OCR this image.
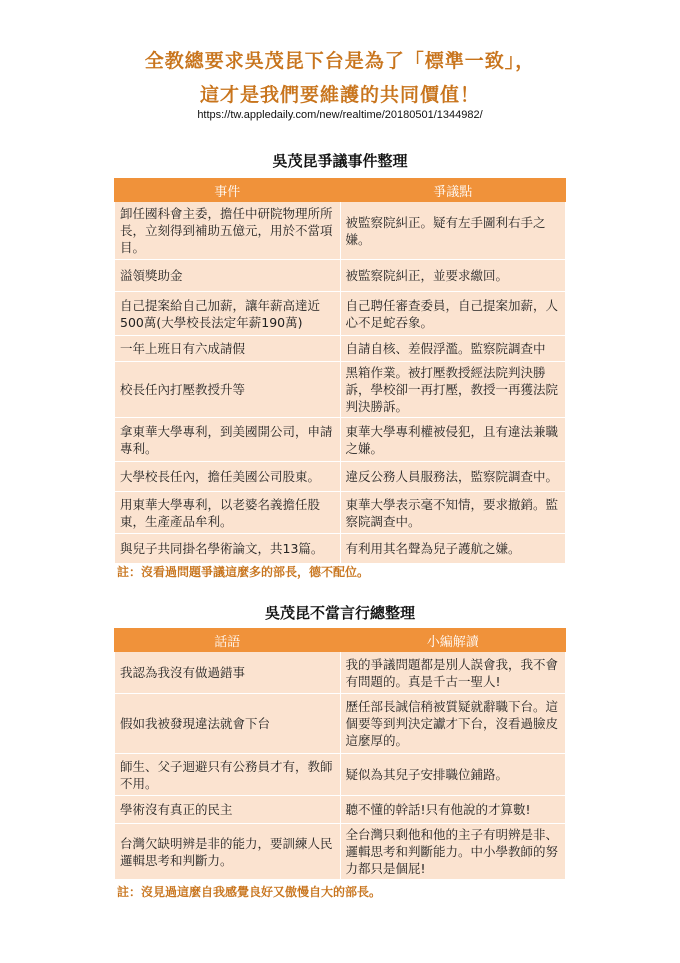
全教總要求吳茂昆下台是為了「標準一致」，
這才是我們要維護的共同價值！
https://tw.appledaily.com/new/realtime/20180501/1344982/
吳茂昆爭議事件整理
事件	爭議點
卸任國科會主委，擔任中研院物理所所長，立刻得到補助五億元，用於不當項目。	被監察院糾正。疑有左手圖利右手之嫌。
溢領獎助金	被監察院糾正，並要求繳回。
自己提案給自己加薪，讓年薪高達近500萬(大學校長法定年薪190萬)	自己聘任審查委員，自己提案加薪，人心不足蛇吞象。
一年上班日有六成請假	自請自核、差假浮濫。監察院調查中
校長任內打壓教授升等	黑箱作業。被打壓教授經法院判決勝訴，學校卻一再打壓，教授一再獲法院判決勝訴。
拿東華大學專利，到美國開公司，申請專利。	東華大學專利權被侵犯，且有違法兼職之嫌。
大學校長任內，擔任美國公司股東。	違反公務人員服務法，監察院調查中。
用東華大學專利，以老婆名義擔任股東，生產產品牟利。	東華大學表示毫不知情，要求撤銷。監察院調查中。
與兒子共同掛名學術論文，共13篇。	有利用其名聲為兒子護航之嫌。
註：沒看過問題爭議這麼多的部長，德不配位。
吳茂昆不當言行總整理
話語	小編解讀
我認為我沒有做過錯事	我的爭議問題都是別人誤會我，我不會有問題的。真是千古一聖人!
假如我被發現違法就會下台	歷任部長誠信稍被質疑就辭職下台。這個要等到判決定讞才下台，沒看過臉皮這麼厚的。
師生、父子迴避只有公務員才有，教師不用。	疑似為其兒子安排職位鋪路。
學術沒有真正的民主	聽不懂的幹話!只有他說的才算數!
台灣欠缺明辨是非的能力，要訓練人民邏輯思考和判斷力。	全台灣只剩他和他的主子有明辨是非、邏輯思考和判斷能力。中小學教師的努力都只是個屁!
註：沒見過這麼自我感覺良好又傲慢自大的部長。
